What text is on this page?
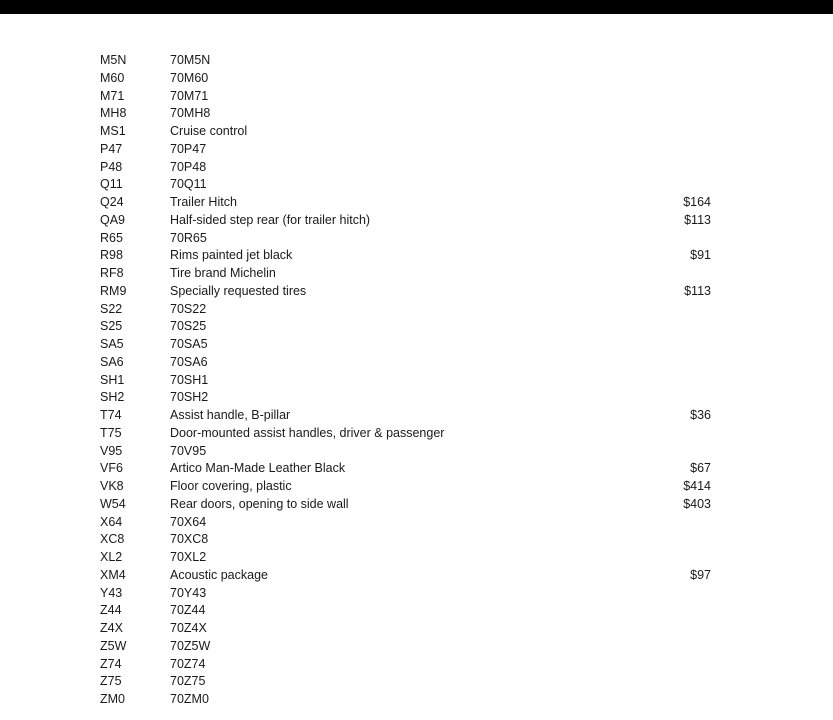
M5N	70M5N
M60	70M60
M71	70M71
MH8	70MH8
MS1	Cruise control
P47	70P47
P48	70P48
Q11	70Q11
Q24	Trailer Hitch	$164
QA9	Half-sided step rear (for trailer hitch)	$113
R65	70R65
R98	Rims painted jet black	$91
RF8	Tire brand Michelin
RM9	Specially requested tires	$113
S22	70S22
S25	70S25
SA5	70SA5
SA6	70SA6
SH1	70SH1
SH2	70SH2
T74	Assist handle, B-pillar	$36
T75	Door-mounted assist handles, driver & passenger
V95	70V95
VF6	Artico Man-Made Leather Black	$67
VK8	Floor covering, plastic	$414
W54	Rear doors, opening to side wall	$403
X64	70X64
XC8	70XC8
XL2	70XL2
XM4	Acoustic package	$97
Y43	70Y43
Z44	70Z44
Z4X	70Z4X
Z5W	70Z5W
Z74	70Z74
Z75	70Z75
ZM0	70ZM0
